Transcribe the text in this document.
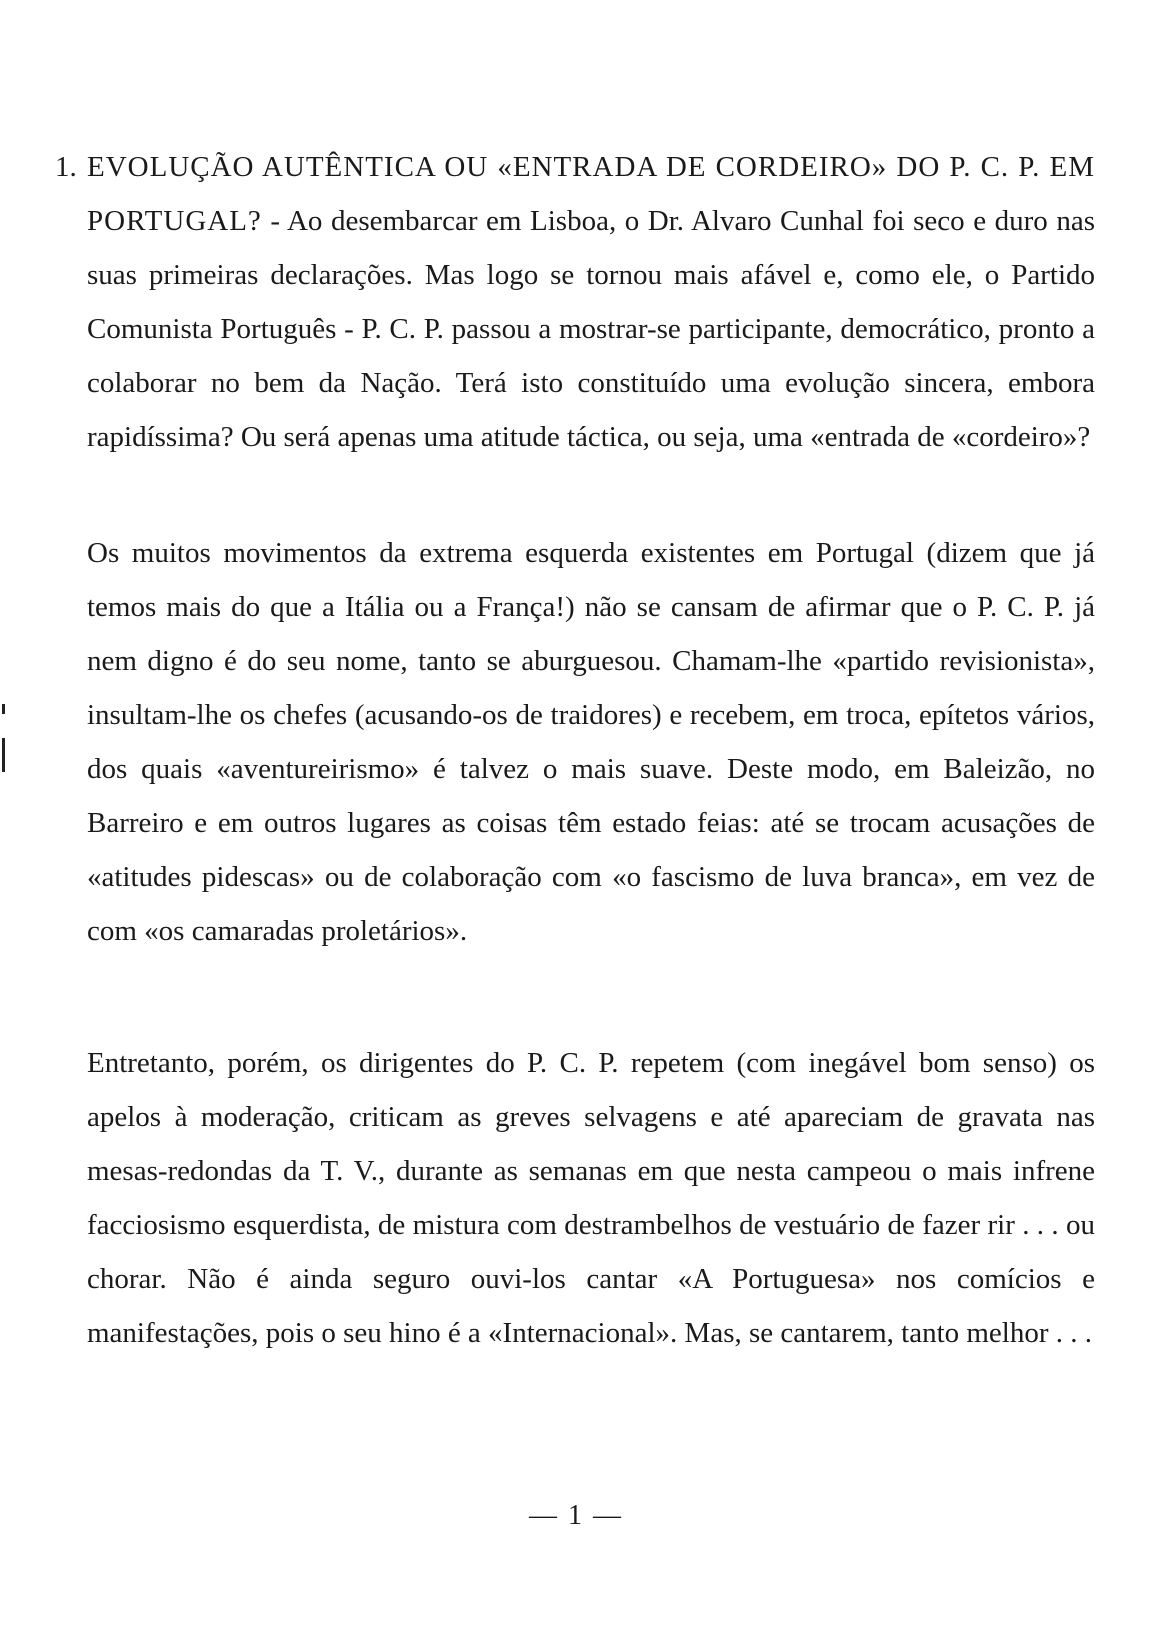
1. EVOLUÇÃO AUTÊNTICA OU «ENTRADA DE CORDEIRO» DO P. C. P. EM PORTUGAL? - Ao desembarcar em Lisboa, o Dr. Alvaro Cunhal foi seco e duro nas suas primeiras declarações. Mas logo se tornou mais afável e, como ele, o Partido Comunista Português - P. C. P. passou a mostrar-se participante, democrático, pronto a colaborar no bem da Nação. Terá isto constituído uma evolução sincera, embora rapidíssima? Ou será apenas uma atitude táctica, ou seja, uma «entrada de «cordeiro»?

Os muitos movimentos da extrema esquerda existentes em Portugal (dizem que já temos mais do que a Itália ou a França!) não se cansam de afirmar que o P. C. P. já nem digno é do seu nome, tanto se aburguesou. Chamam-lhe «partido revisionista», insultam-lhe os chefes (acusando-os de traidores) e recebem, em troca, epítetos vários, dos quais «aventureirismo» é talvez o mais suave. Deste modo, em Baleizão, no Barreiro e em outros lugares as coisas têm estado feias: até se trocam acusações de «atitudes pidescas» ou de colaboração com «o fascismo de luva branca», em vez de com «os camaradas proletários».

Entretanto, porém, os dirigentes do P. C. P. repetem (com inegável bom senso) os apelos à moderação, criticam as greves selvagens e até apareciam de gravata nas mesas-redondas da T. V., durante as semanas em que nesta campeou o mais infrene facciosismo esquerdista, de mistura com destrambelhos de vestuário de fazer rir . . . ou chorar. Não é ainda seguro ouvi-los cantar «A Portuguesa» nos comícios e manifestações, pois o seu hino é a «Internacional». Mas, se cantarem, tanto melhor . . .

— 1 —
